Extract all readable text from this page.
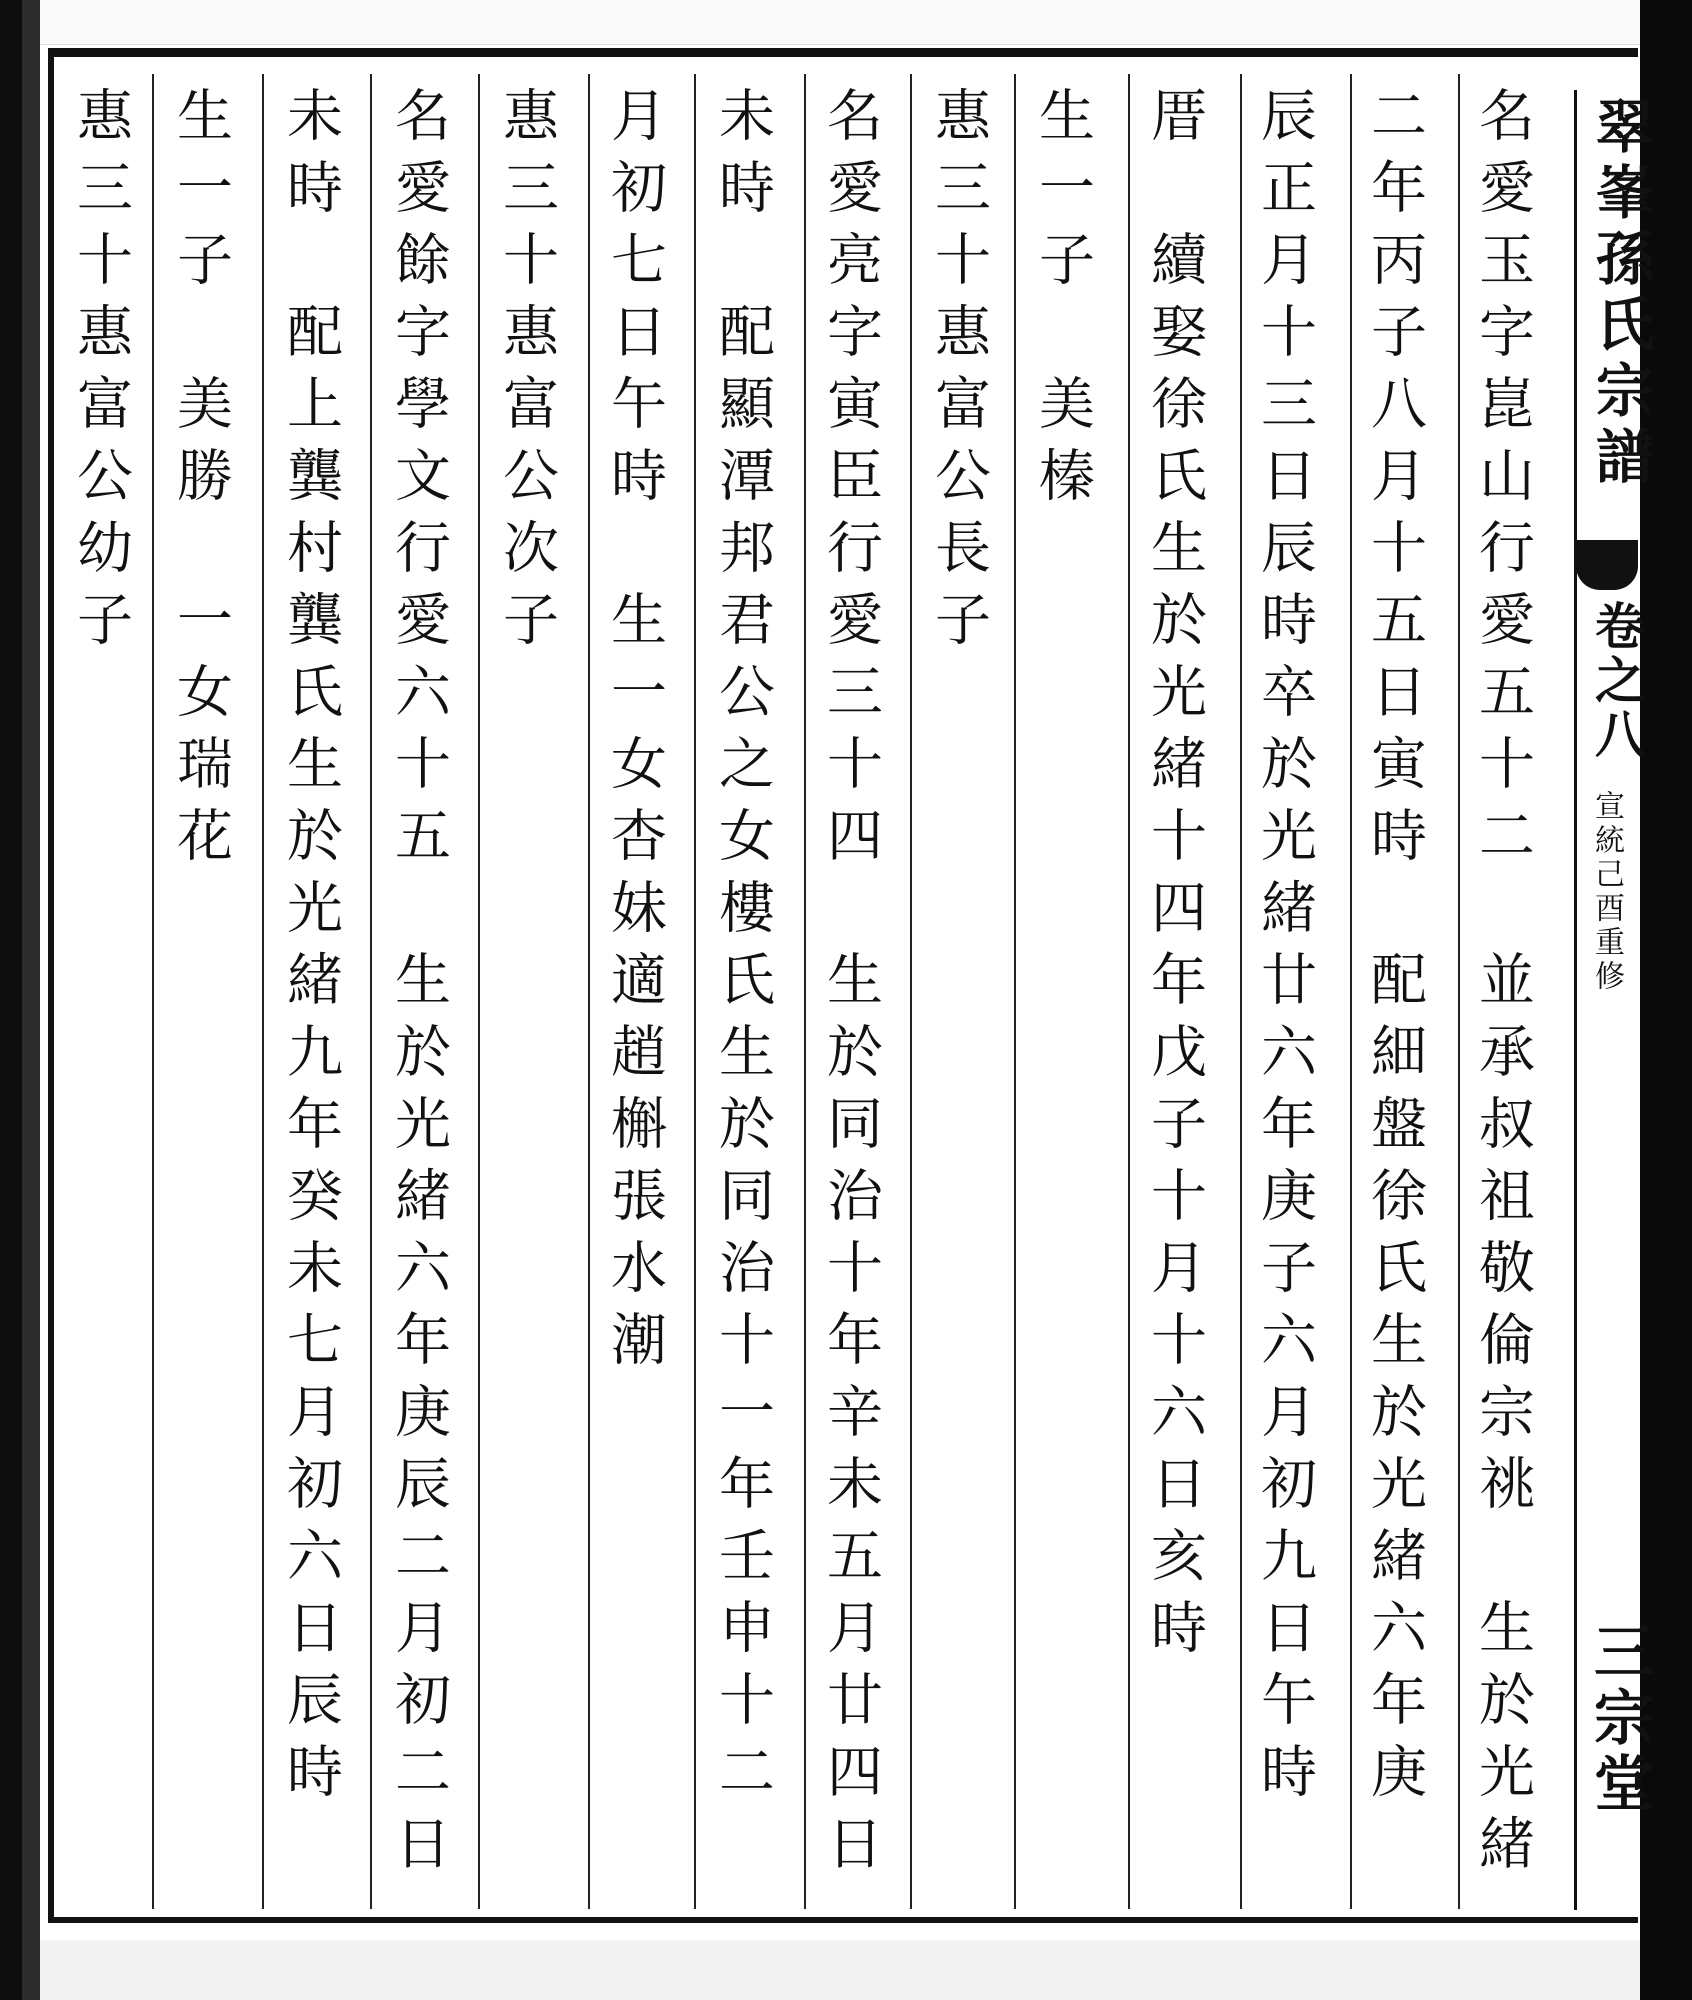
翠峯孫氏宗譜
卷之八
宣統己酉重修
三宗堂
名愛玉字崑山行愛五十二　並承叔祖敬倫宗祧　生於光緒
二年丙子八月十五日寅時　配細盤徐氏生於光緒六年庚
辰正月十三日辰時卒於光緒廿六年庚子六月初九日午時
厝　續娶徐氏生於光緒十四年戊子十月十六日亥時
生一子　美榛
惠三十惠富公長子
名愛亮字寅臣行愛三十四　生於同治十年辛未五月廿四日
未時　配顯潭邦君公之女樓氏生於同治十一年壬申十二
月初七日午時　生一女杏妹適趙槲張水潮
惠三十惠富公次子
名愛餘字學文行愛六十五　生於光緒六年庚辰二月初二日
未時　配上龔村龔氏生於光緒九年癸未七月初六日辰時
生一子　美勝　一女瑞花
惠三十惠富公幼子
